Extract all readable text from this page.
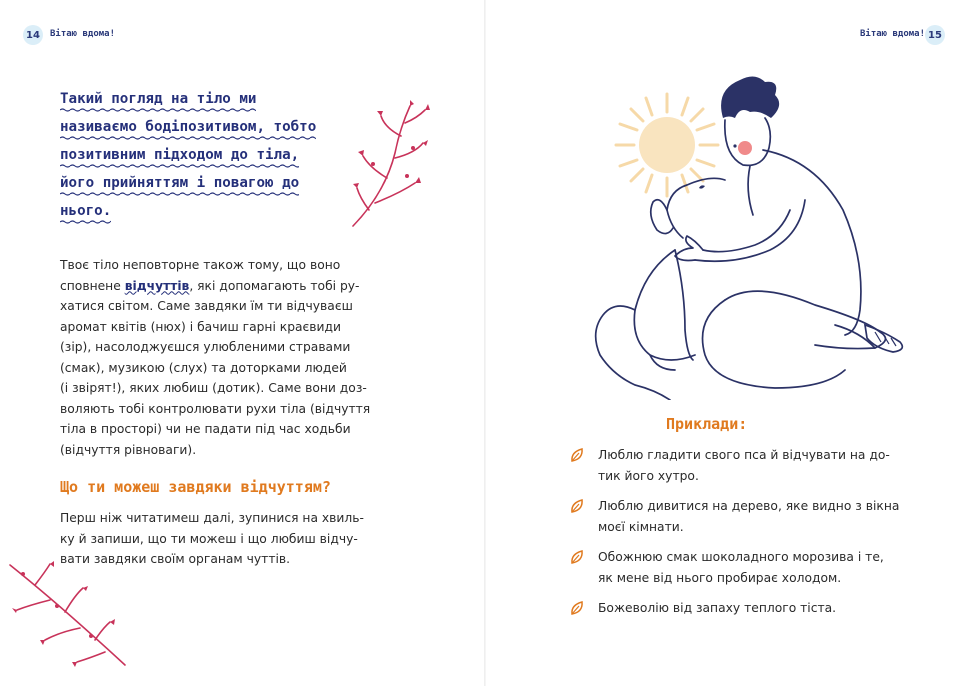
14	Вітаю вдома!	Вітаю вдома! 15
Такий погляд на тіло ми
називаємо бодіпозитивом, тобто
позитивним підходом до тіла,
його прийняттям і повагою до
нього.

Твоє тіло неповторне також тому, що воно

сповнене відчуттів, які допомагають тобі ру-

хатися світом. Саме завдяки їм ти відчуваєш

аромат квітів (нюх) і бачиш гарні краєвиди

(зір), насолоджуєшся улюбленими стравами

(смак), музикою (слух) та доторками людей

(і звірят!), яких любиш (дотик). Саме вони доз-

воляють тобі контролювати рухи тіла (відчуття

тіла в просторі) чи не падати під час ходьби

(відчуття рівноваги).

Що ти можеш завдяки відчуттям?

Перш ніж читатимеш далі, зупинися на хвиль-

ку й запиши, що ти можеш і що любиш відчу-

вати завдяки своїм органам чуттів.

Приклади:
Люблю гладити свого пса й відчувати на до-
тик його хутро.
Люблю дивитися на дерево, яке видно з вікна
моєї кімнати.
Обожнюю смак шоколадного морозива і те,
як мене від нього пробирає холодом.
Божеволію від запаху теплого тіста.
